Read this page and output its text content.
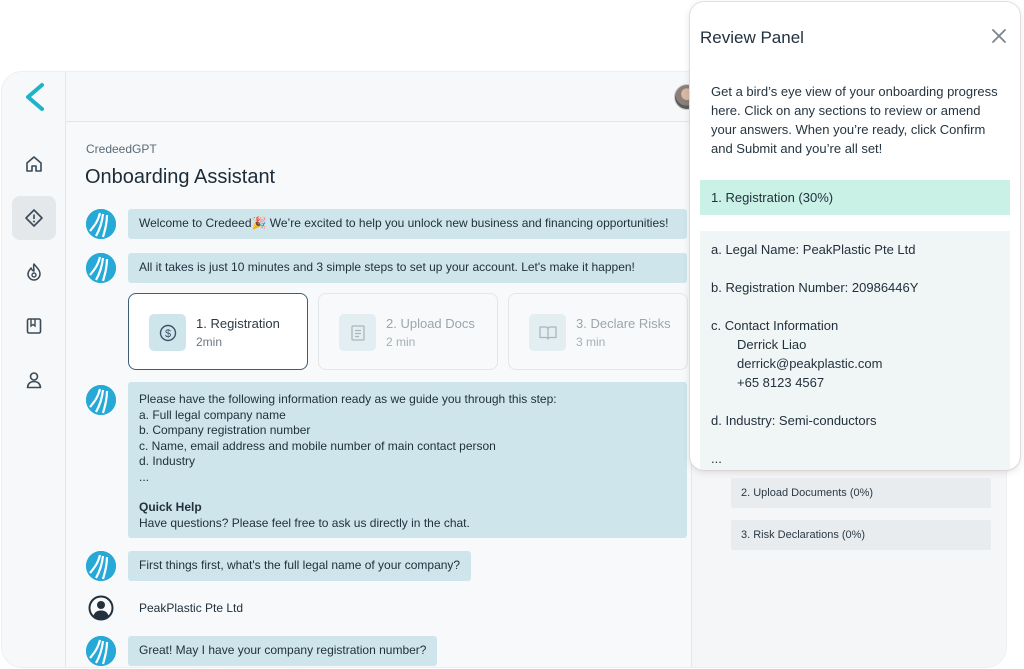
CredeedGPT
Onboarding Assistant
Welcome to Credeed🎉 We’re excited to help you unlock new business and financing opportunities!
All it takes is just 10 minutes and 3 simple steps to set up your account. Let's make it happen!
$
1. Registration
2min
2. Upload Docs
2 min
3. Declare Risks
3 min
Please have the following information ready as we guide you through this step:
a. Full legal company name
b. Company registration number
c. Name, email address and mobile number of main contact person
d. Industry
...
Quick Help
Have questions? Please feel free to ask us directly in the chat.
First things first, what's the full legal name of your company?
PeakPlastic Pte Ltd
Great! May I have your company registration number?
2. Upload Documents (0%)
3. Risk Declarations (0%)
Review Panel
Get a bird’s eye view of your onboarding progress here. Click on any sections to review or amend your answers. When you’re ready, click Confirm and Submit and you’re all set!
1. Registration (30%)
a. Legal Name: PeakPlastic Pte Ltd
b. Registration Number: 20986446Y
c. Contact Information
Derrick Liao
derrick@peakplastic.com
+65 8123 4567
d. Industry: Semi-conductors
...
